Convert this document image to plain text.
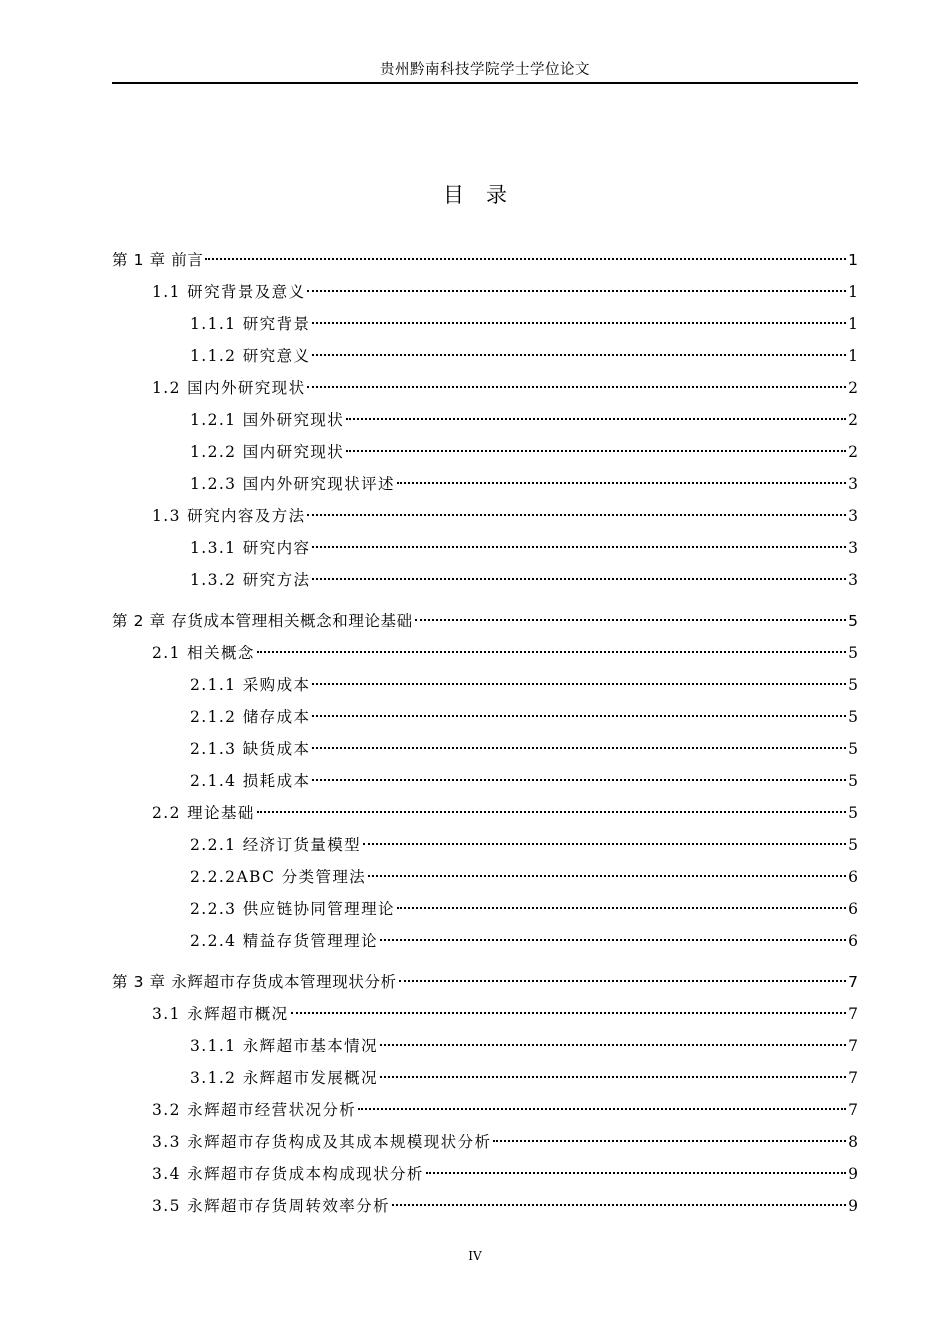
贵州黔南科技学院学士学位论文
目录
第 1 章 前言	1
1.1 研究背景及意义	1
1.1.1 研究背景	1
1.1.2 研究意义	1
1.2 国内外研究现状	2
1.2.1 国外研究现状	2
1.2.2 国内研究现状	2
1.2.3 国内外研究现状评述	3
1.3 研究内容及方法	3
1.3.1 研究内容	3
1.3.2 研究方法	3
第 2 章 存货成本管理相关概念和理论基础	5
2.1 相关概念	5
2.1.1 采购成本	5
2.1.2 储存成本	5
2.1.3 缺货成本	5
2.1.4 损耗成本	5
2.2 理论基础	5
2.2.1 经济订货量模型	5
2.2.2ABC 分类管理法	6
2.2.3 供应链协同管理理论	6
2.2.4 精益存货管理理论	6
第 3 章 永辉超市存货成本管理现状分析	7
3.1 永辉超市概况	7
3.1.1 永辉超市基本情况	7
3.1.2 永辉超市发展概况	7
3.2 永辉超市经营状况分析	7
3.3 永辉超市存货构成及其成本规模现状分析	8
3.4 永辉超市存货成本构成现状分析	9
3.5 永辉超市存货周转效率分析	9
IV
